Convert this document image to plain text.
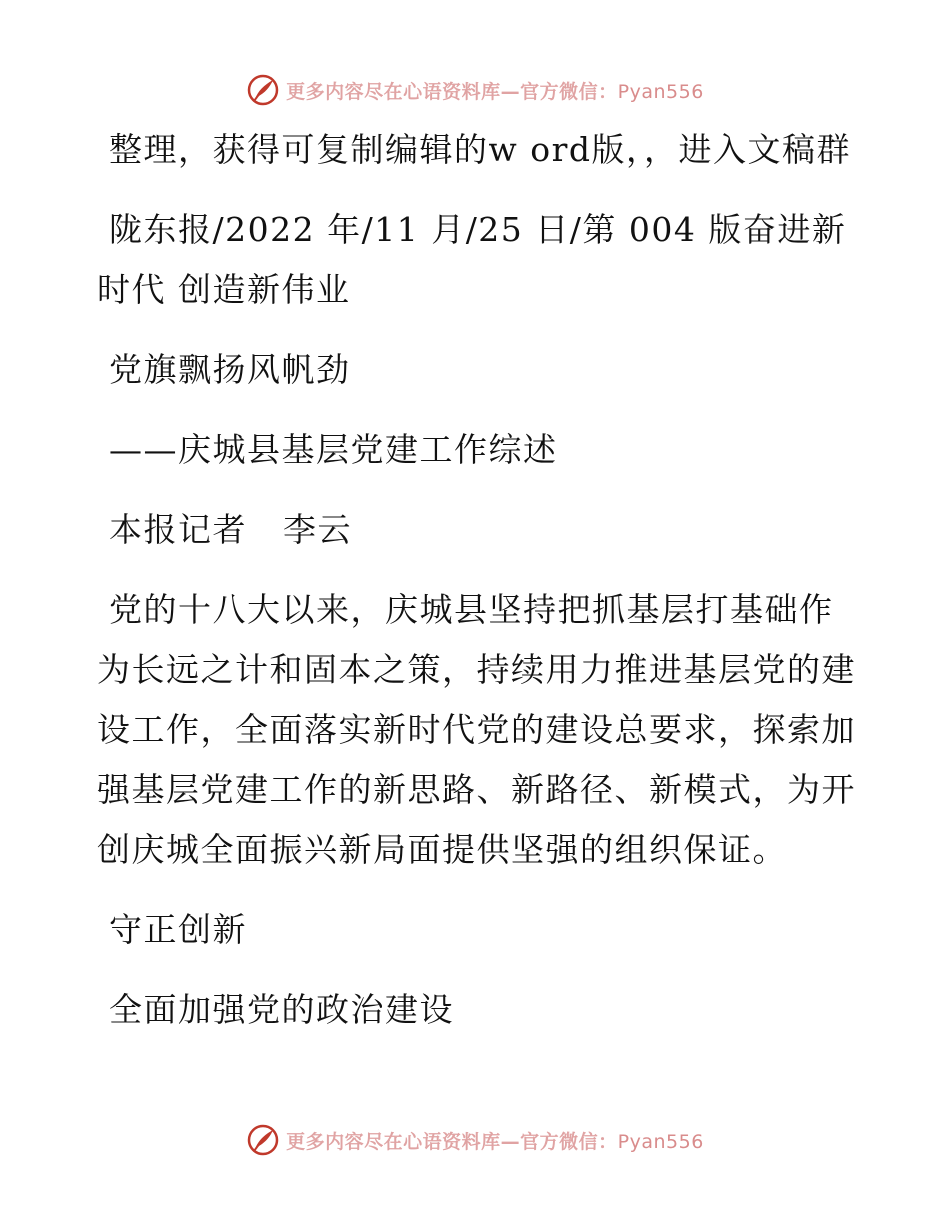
更多内容尽在心语资料库—官方微信：Pyan556

整理，获得可复制编辑的w ord版，，进入文稿群

陇东报/2022 年/11 月/25 日/第 004 版奋进新时代 创造新伟业

党旗飘扬风帆劲

——庆城县基层党建工作综述

本报记者   李云

党的十八大以来，庆城县坚持把抓基层打基础作为长远之计和固本之策，持续用力推进基层党的建设工作，全面落实新时代党的建设总要求，探索加强基层党建工作的新思路、新路径、新模式，为开创庆城全面振兴新局面提供坚强的组织保证。

守正创新

全面加强党的政治建设

更多内容尽在心语资料库—官方微信：Pyan556
